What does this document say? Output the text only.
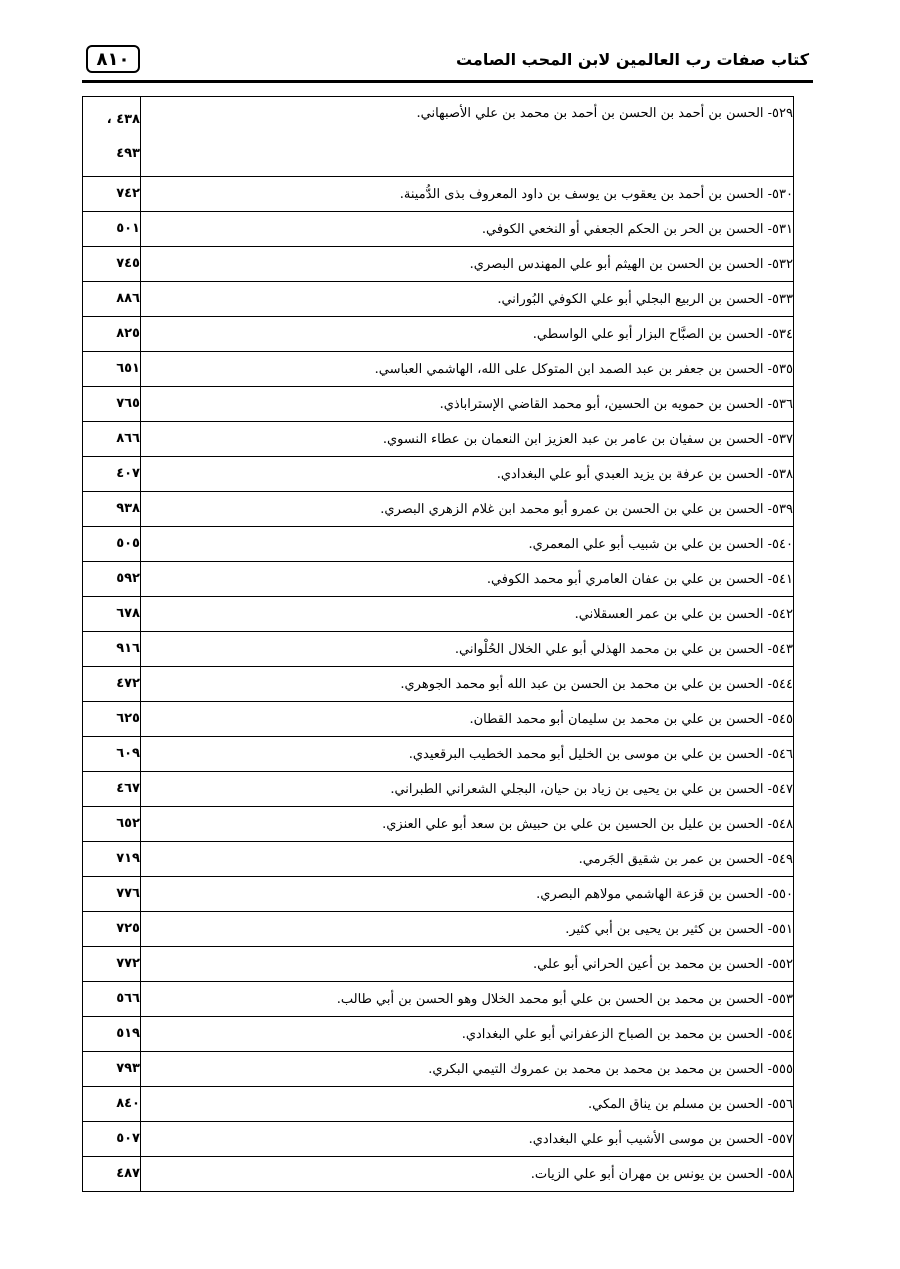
٨١٠	كتاب صفات رب العالمين لابن المحب الصامت
٥٢٩- الحسن بن أحمد بن الحسن بن أحمد بن محمد بن علي الأصبهاني.	٤٣٨ ،
٤٩٣

٥٣٠- الحسن بن أحمد بن يعقوب بن يوسف بن داود المعروف بذى الدُّمينة.	٧٤٢

٥٣١- الحسن بن الحر بن الحكم الجعفي أو النخعي الكوفي.	٥٠١

٥٣٢- الحسن بن الحسن بن الهيثم أبو علي المهندس البصري.	٧٤٥

٥٣٣- الحسن بن الربيع البجلي أبو علي الكوفي البُوراني.	٨٨٦

٥٣٤- الحسن بن الصبَّاح البزار أبو علي الواسطي.	٨٢٥

٥٣٥- الحسن بن جعفر بن عبد الصمد ابن المتوكل على الله، الهاشمي العباسي.	٦٥١

٥٣٦- الحسن بن حمويه بن الحسين، أبو محمد القاضي الإستراباذي.	٧٦٥

٥٣٧- الحسن بن سفيان بن عامر بن عبد العزيز ابن النعمان بن عطاء النسوي.	٨٦٦

٥٣٨- الحسن بن عرفة بن يزيد العبدي أبو علي البغدادي.	٤٠٧

٥٣٩- الحسن بن علي بن الحسن بن عمرو أبو محمد ابن غلام الزهري البصري.	٩٣٨

٥٤٠- الحسن بن علي بن شبيب أبو علي المعمري.	٥٠٥

٥٤١- الحسن بن علي بن عفان العامري أبو محمد الكوفي.	٥٩٢

٥٤٢- الحسن بن علي بن عمر العسقلاني.	٦٧٨

٥٤٣- الحسن بن علي بن محمد الهذلي أبو علي الخلال الحُلْواني.	٩١٦

٥٤٤- الحسن بن علي بن محمد بن الحسن بن عبد الله أبو محمد الجوهري.	٤٧٢

٥٤٥- الحسن بن علي بن محمد بن سليمان أبو محمد القطان.	٦٢٥

٥٤٦- الحسن بن علي بن موسى بن الخليل أبو محمد الخطيب البرقعيدي.	٦٠٩

٥٤٧- الحسن بن علي بن يحيى بن زياد بن حيان، البجلي الشعراني الطبراني.	٤٦٧

٥٤٨- الحسن بن عليل بن الحسين بن علي بن حبيش بن سعد أبو علي العنزي.	٦٥٢

٥٤٩- الحسن بن عمر بن شقيق الجَرمي.	٧١٩

٥٥٠- الحسن بن قزعة الهاشمي مولاهم البصري.	٧٧٦

٥٥١- الحسن بن كثير بن يحيى بن أبي كثير.	٧٢٥

٥٥٢- الحسن بن محمد بن أعين الحراني أبو علي.	٧٧٢

٥٥٣- الحسن بن محمد بن الحسن بن علي أبو محمد الخلال وهو الحسن بن أبي طالب.	٥٦٦

٥٥٤- الحسن بن محمد بن الصباح الزعفراني أبو علي البغدادي.	٥١٩

٥٥٥- الحسن بن محمد بن محمد بن محمد بن عمروك التيمي البكري.	٧٩٣

٥٥٦- الحسن بن مسلم بن يناق المكي.	٨٤٠

٥٥٧- الحسن بن موسى الأشيب أبو علي البغدادي.	٥٠٧

٥٥٨- الحسن بن يونس بن مهران أبو علي الزيات.	٤٨٧
